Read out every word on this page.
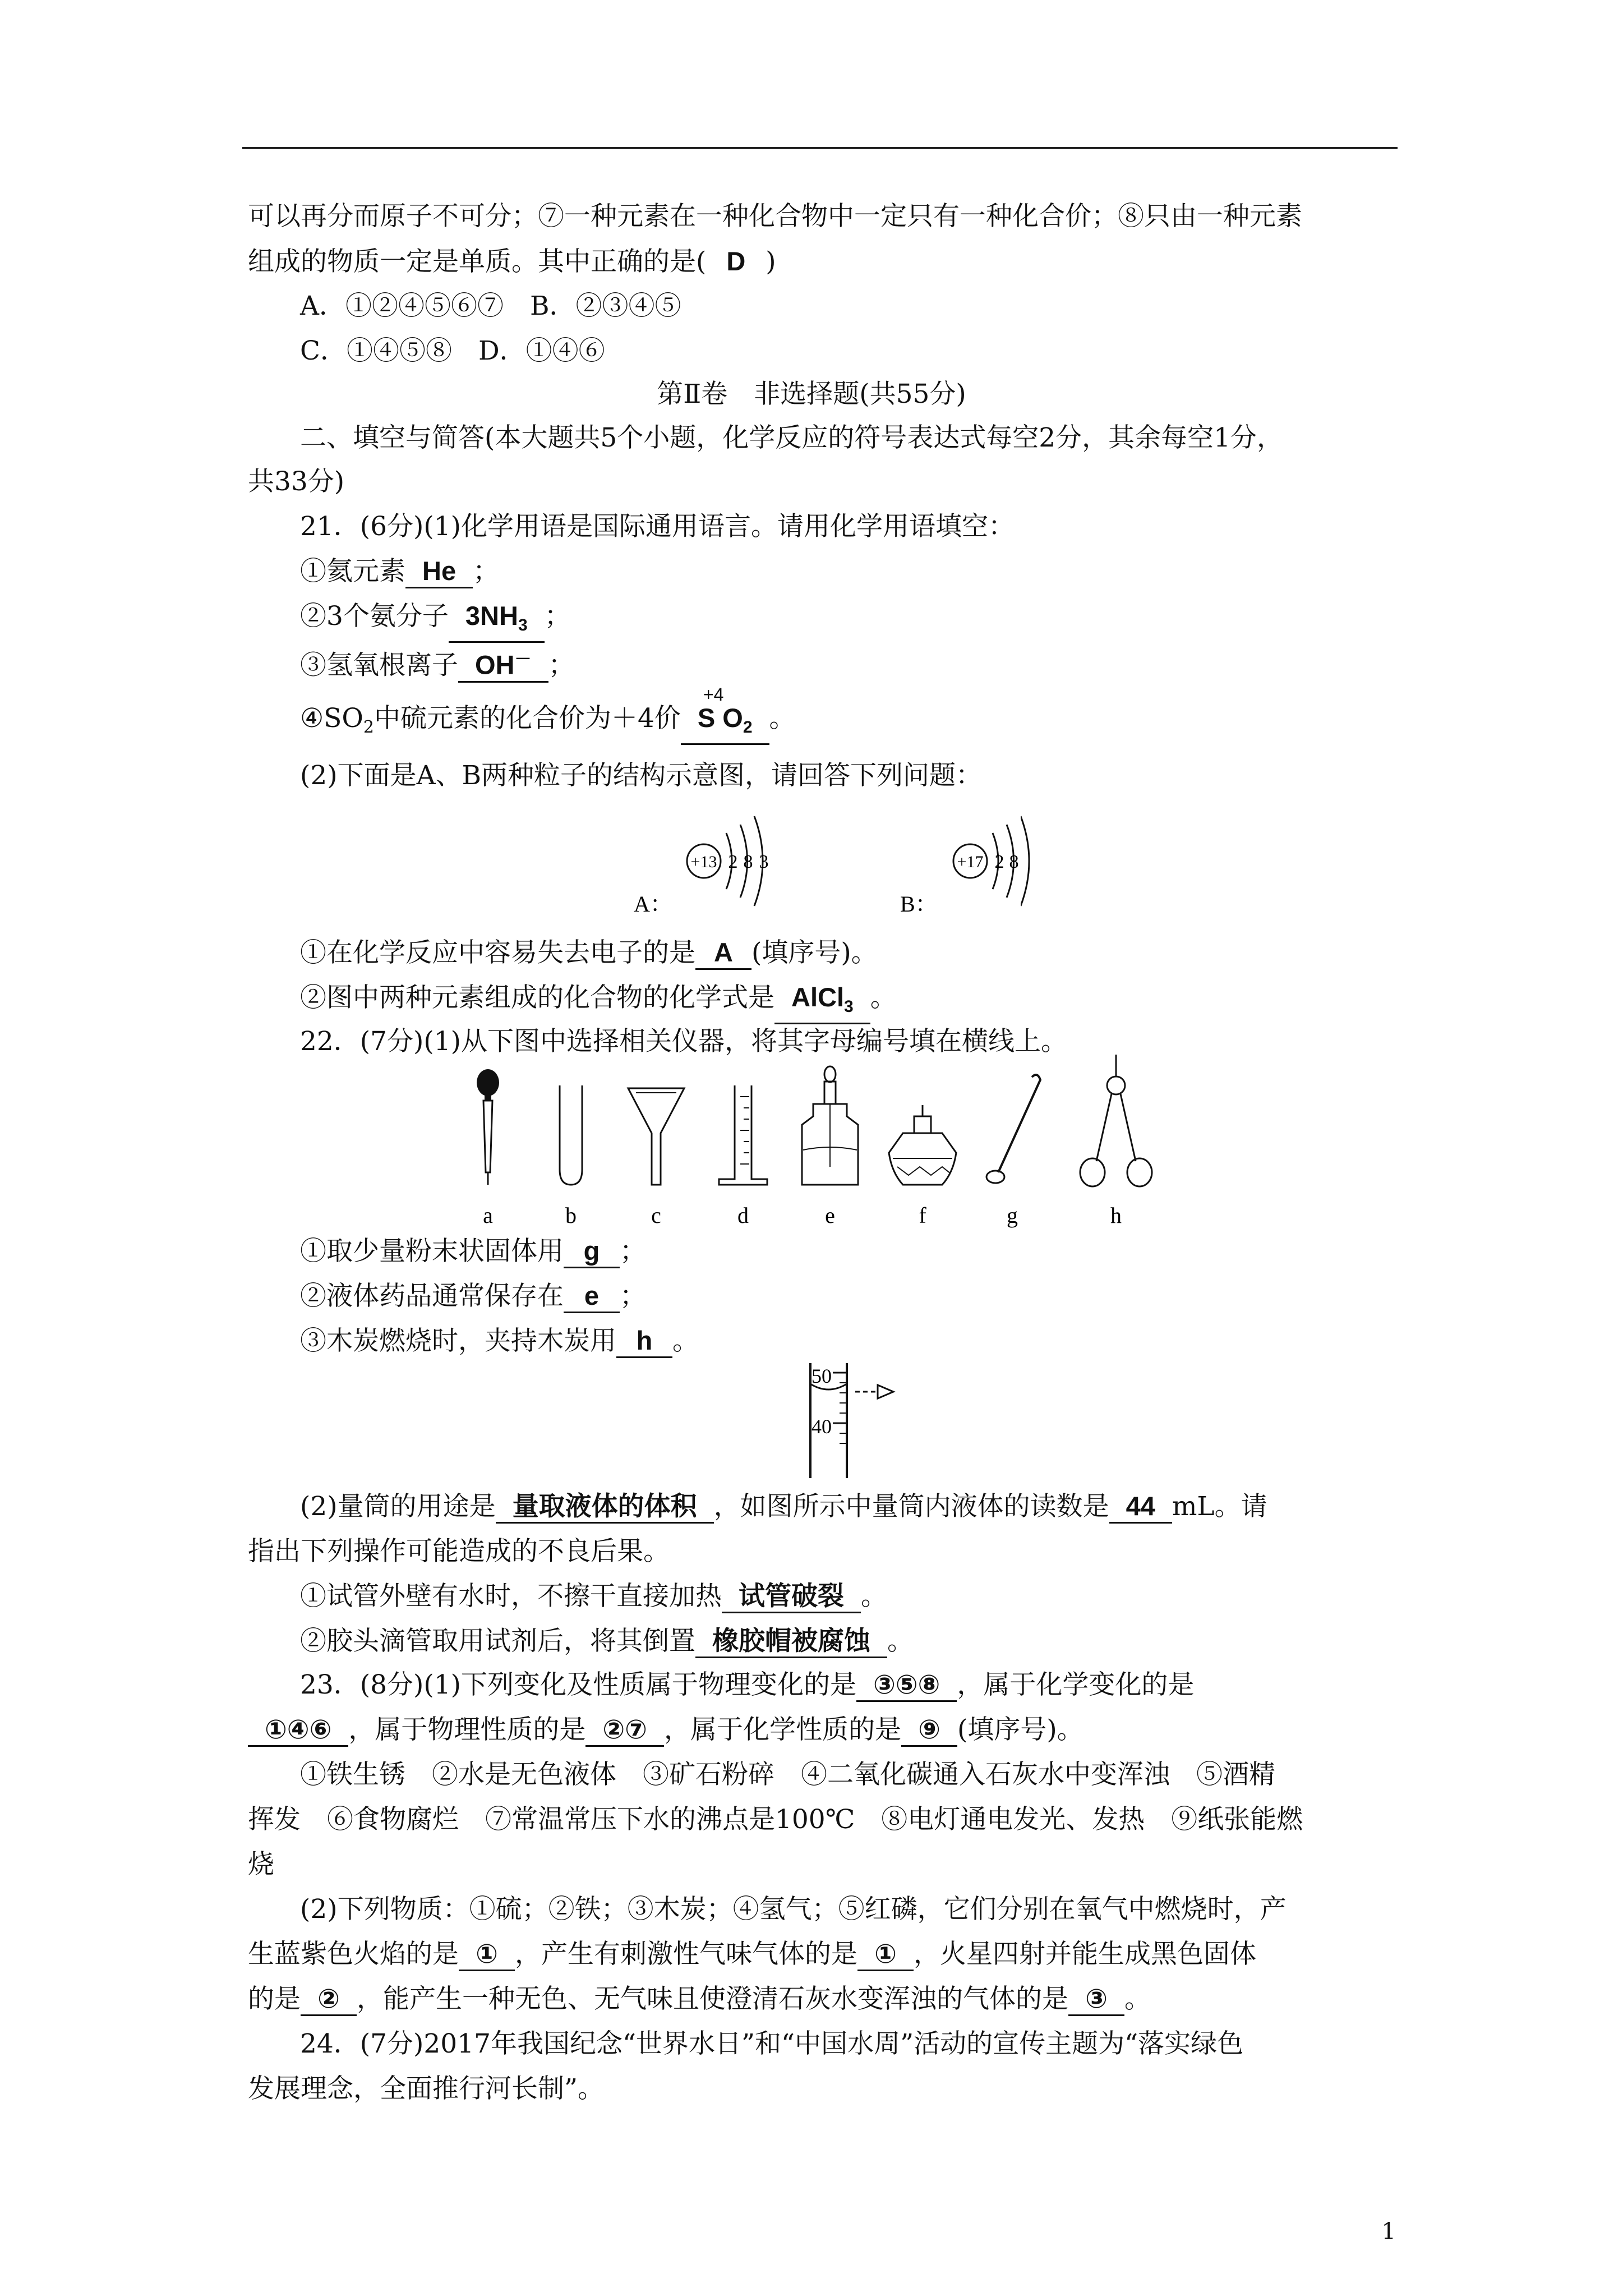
可以再分而原子不可分；⑦一种元素在一种化合物中一定只有一种化合价；⑧只由一种元素
组成的物质一定是单质。其中正确的是( D )
A．①②④⑤⑥⑦　 B．②③④⑤
C．①④⑤⑧　 D．①④⑥
第Ⅱ卷　非选择题(共55分)
二、填空与简答(本大题共5个小题，化学反应的符号表达式每空2分，其余每空1分，
共33分)
21．(6分)(1)化学用语是国际通用语言。请用化学用语填空：
①氦元素 He ；
②3个氨分子 $3NH_3$ ；
③氢氧根离子 OH－ ；
$④SO_2$中硫元素的化合价为＋4价
+4
S $O_2$ 。
(2)下面是A、B两种粒子的结构示意图，请回答下列问题：
+13 2 8 3
A：
+17 2 8
B：
①在化学反应中容易失去电子的是 A (填序号)。
②图中两种元素组成的化合物的化学式是 AlCl$_3$ 。
22．(7分)(1)从下图中选择相关仪器，将其字母编号填在横线上。
a	b	c	d	e	f	g	h
①取少量粉末状固体用 g ；
②液体药品通常保存在 e ；
③木炭燃烧时，夹持木炭用 h 。
50
40
(2)量筒的用途是 量取液体的体积 ，如图所示中量筒内液体的读数是 44 mL。请
指出下列操作可能造成的不良后果。
①试管外壁有水时，不擦干直接加热 试管破裂 。
②胶头滴管取用试剂后，将其倒置 橡胶帽被腐蚀 。
23．(8分)(1)下列变化及性质属于物理变化的是 ③⑤⑧ ，属于化学变化的是
①④⑥ ，属于物理性质的是 ②⑦ ，属于化学性质的是 ⑨ (填序号)。
①铁生锈　②水是无色液体　③矿石粉碎　④二氧化碳通入石灰水中变浑浊　⑤酒精
挥发　⑥食物腐烂　⑦常温常压下水的沸点是100℃　⑧电灯通电发光、发热　⑨纸张能燃
烧
(2)下列物质：①硫；②铁；③木炭；④氢气；⑤红磷，它们分别在氧气中燃烧时，产
生蓝紫色火焰的是 ① ，产生有刺激性气味气体的是 ① ，火星四射并能生成黑色固体
的是 ② ，能产生一种无色、无气味且使澄清石灰水变浑浊的气体的是 ③ 。
24．(7分)2017年我国纪念“世界水日”和“中国水周”活动的宣传主题为“落实绿色
发展理念，全面推行河长制”。
1
